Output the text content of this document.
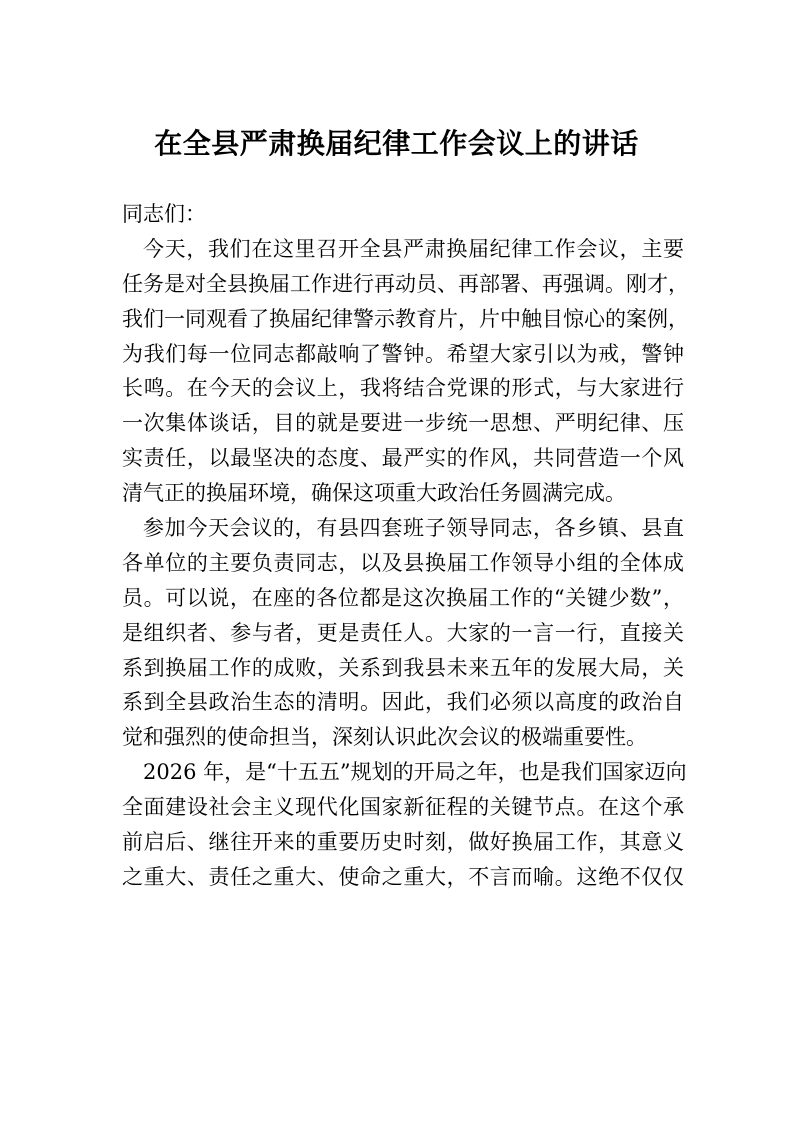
在全县严肃换届纪律工作会议上的讲话
同志们：
今天，我们在这里召开全县严肃换届纪律工作会议，主要
任务是对全县换届工作进行再动员、再部署、再强调。刚才，
我们一同观看了换届纪律警示教育片，片中触目惊心的案例，
为我们每一位同志都敲响了警钟。希望大家引以为戒，警钟
长鸣。在今天的会议上，我将结合党课的形式，与大家进行
一次集体谈话，目的就是要进一步统一思想、严明纪律、压
实责任，以最坚决的态度、最严实的作风，共同营造一个风
清气正的换届环境，确保这项重大政治任务圆满完成。
参加今天会议的，有县四套班子领导同志，各乡镇、县直
各单位的主要负责同志，以及县换届工作领导小组的全体成
员。可以说，在座的各位都是这次换届工作的“关键少数”，
是组织者、参与者，更是责任人。大家的一言一行，直接关
系到换届工作的成败，关系到我县未来五年的发展大局，关
系到全县政治生态的清明。因此，我们必须以高度的政治自
觉和强烈的使命担当，深刻认识此次会议的极端重要性。
2026 年，是“十五五”规划的开局之年，也是我们国家迈向
全面建设社会主义现代化国家新征程的关键节点。在这个承
前启后、继往开来的重要历史时刻，做好换届工作，其意义
之重大、责任之重大、使命之重大，不言而喻。这绝不仅仅
